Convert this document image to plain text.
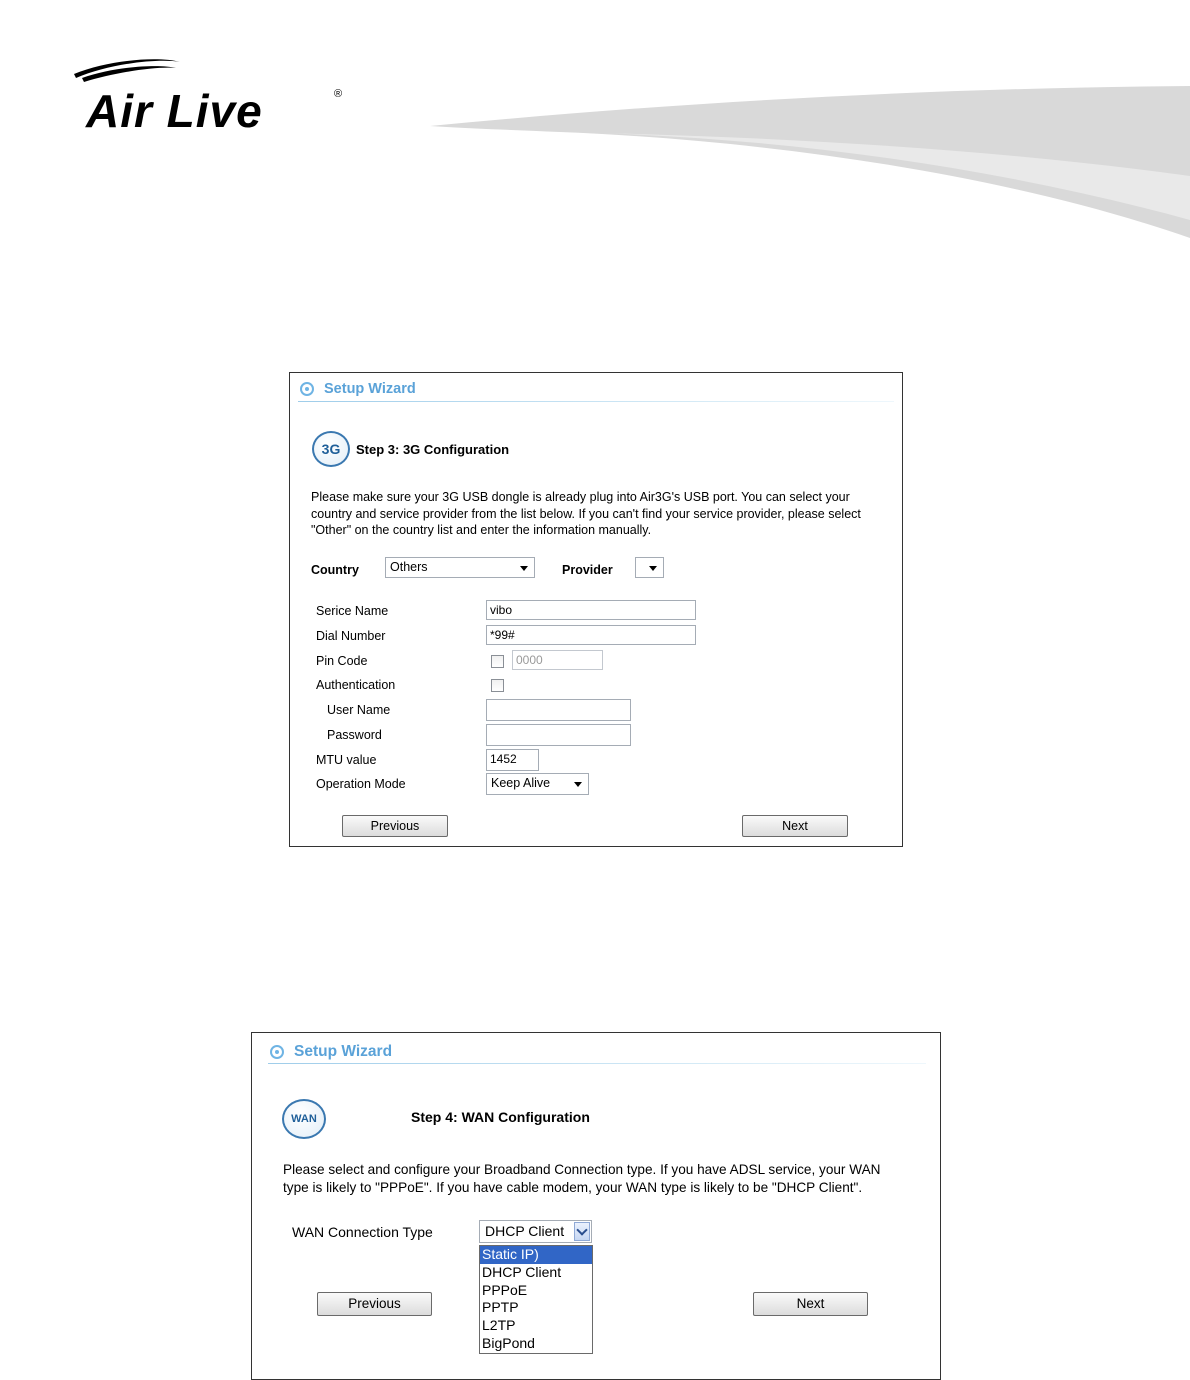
Air Live	®
Setup Wizard
3G Step 3: 3G Configuration
Please make sure your 3G USB dongle is already plug into Air3G's USB port. You can select your
country and service provider from the list below. If you can't find your service provider, please select
"Other" on the country list and enter the information manually.
Country	Others	Provider
Serice Name	vibo
Dial Number	*99#
Pin Code	0000
Authentication
User Name
Password
MTU value	1452
Operation Mode	Keep Alive
Previous	Next
Setup Wizard
WAN	Step 4: WAN Configuration
Please select and configure your Broadband Connection type. If you have ADSL service, your WAN
type is likely to "PPPoE". If you have cable modem, your WAN type is likely to be "DHCP Client".
WAN Connection Type	DHCP Client
Previous	Next
Static IP)
DHCP Client
PPPoE
PPTP
L2TP
BigPond
